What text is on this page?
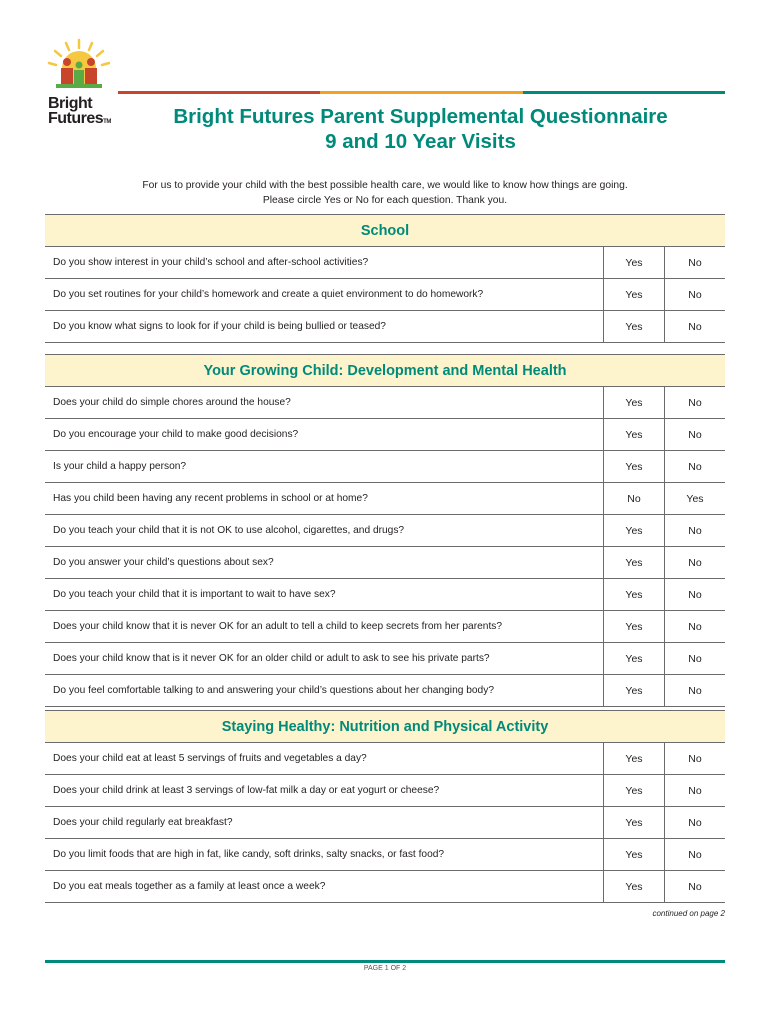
Bright
FuturesTM	Bright Futures Parent Supplemental Questionnaire
9 and 10 Year Visits
For us to provide your child with the best possible health care, we would like to know how things are going.
Please circle Yes or No for each question. Thank you.
School
Do you show interest in your child’s school and after-school activities?	Yes	No
Do you set routines for your child’s homework and create a quiet environment to do homework?	Yes	No
Do you know what signs to look for if your child is being bullied or teased?	Yes	No
Your Growing Child: Development and Mental Health
Does your child do simple chores around the house?	Yes	No
Do you encourage your child to make good decisions?	Yes	No
Is your child a happy person?	Yes	No
Has you child been having any recent problems in school or at home?	No	Yes
Do you teach your child that it is not OK to use alcohol, cigarettes, and drugs?	Yes	No
Do you answer your child’s questions about sex?	Yes	No
Do you teach your child that it is important to wait to have sex?	Yes	No
Does your child know that it is never OK for an adult to tell a child to keep secrets from her parents?	Yes	No
Does your child know that is it never OK for an older child or adult to ask to see his private parts?	Yes	No
Do you feel comfortable talking to and answering your child’s questions about her changing body?	Yes	No
Staying Healthy: Nutrition and Physical Activity
Does your child eat at least 5 servings of fruits and vegetables a day?	Yes	No
Does your child drink at least 3 servings of low-fat milk a day or eat yogurt or cheese?	Yes	No
Does your child regularly eat breakfast?	Yes	No
Do you limit foods that are high in fat, like candy, soft drinks, salty snacks, or fast food?	Yes	No
Do you eat meals together as a family at least once a week?	Yes	No
continued on page 2
PAGE 1 OF 2
